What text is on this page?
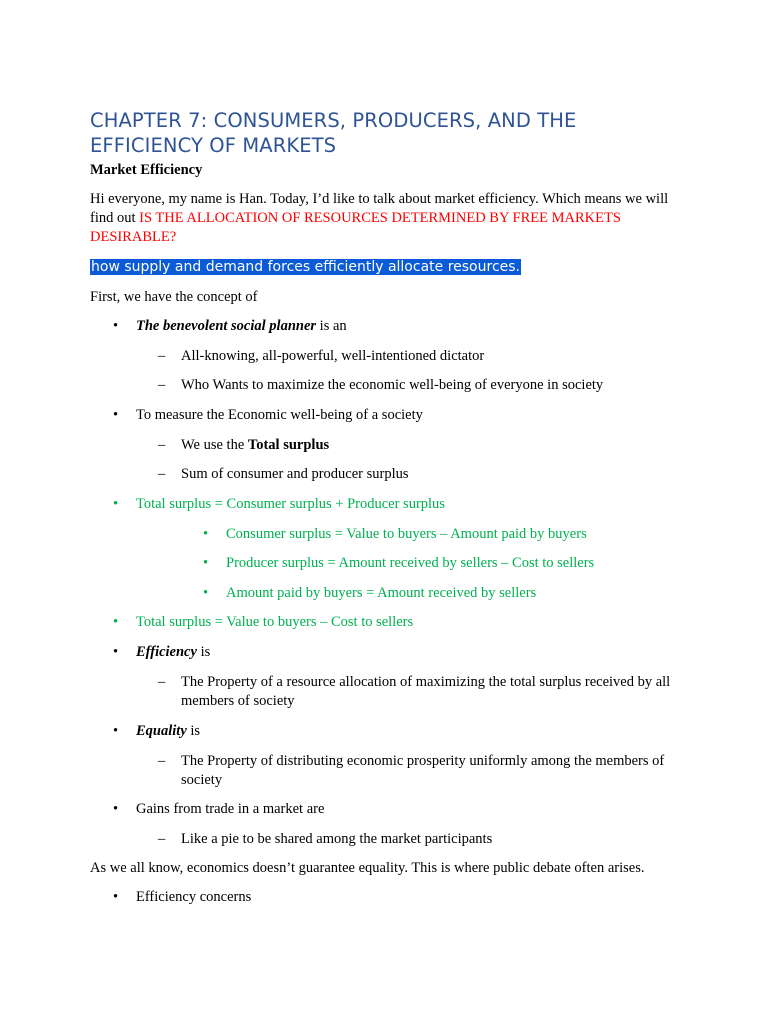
CHAPTER 7: CONSUMERS, PRODUCERS, AND THE EFFICIENCY OF MARKETS
Market Efficiency
Hi everyone, my name is Han. Today, I’d like to talk about market efficiency. Which means we will find out IS THE ALLOCATION OF RESOURCES DETERMINED BY FREE MARKETS DESIRABLE?
how supply and demand forces efficiently allocate resources.
First, we have the concept of
• The benevolent social planner is an
– All-knowing, all-powerful, well-intentioned dictator
– Who Wants to maximize the economic well-being of everyone in society
• To measure the Economic well-being of a society
– We use the Total surplus
– Sum of consumer and producer surplus
• Total surplus = Consumer surplus + Producer surplus
• Consumer surplus = Value to buyers – Amount paid by buyers
• Producer surplus = Amount received by sellers – Cost to sellers
• Amount paid by buyers = Amount received by sellers
• Total surplus = Value to buyers – Cost to sellers
• Efficiency is
– The Property of a resource allocation of maximizing the total surplus received by all members of society
• Equality is
– The Property of distributing economic prosperity uniformly among the members of society
• Gains from trade in a market are
– Like a pie to be shared among the market participants
As we all know, economics doesn’t guarantee equality. This is where public debate often arises.
• Efficiency concerns
